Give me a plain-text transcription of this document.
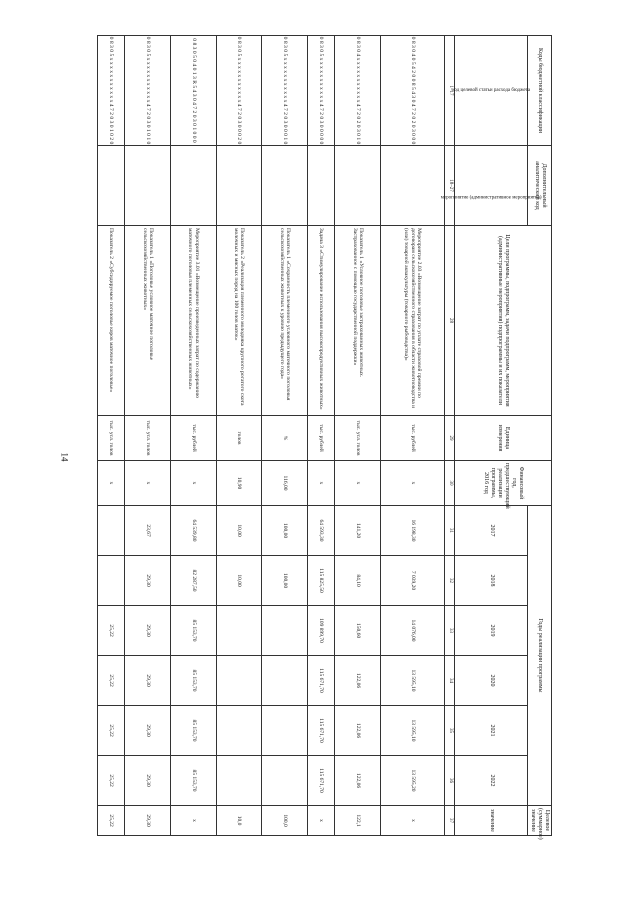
14
Коды бюджетной классификации	Дополнительный аналитический код	Цели программы, подпрограмм, задачи подпрограмм, мероприятия (административные мероприятия) подпрограммы и их показатели	Единица измерения	Финансовый год, предшествующий реализации программы, 2016 год	Годы реализации программы						Целевое (суммарное) значение
код целевой статьи расхода бюджета	мероприятие (административное мероприятие)				2017	2018	2019	2020	2021	2022	значение
1–17	18–27	28	29	30	31	32	33	34	35	36	37
0 8 3 0 4 0 5 4 2 0 0 8 5 4 3 0 4 7 2 0 2 0 3 0 0 0		Мероприятие 2.03 «Возмещение затрат по уплате страховой премии по договорам сельскохозяйственного страхования в области животноводства и (или) товарной аквакультуры (товарного рыбоводства)»	тыс. рублей	х	16 198,30	7 039,20	14 076,00	13 595,10	13 595,10	13 595,20	х
0 8 3 0 4 х х х х х х х х х х х 4 7 2 0 2 0 3 0 1 0		Показатель 1 «Условное поголовье застрахованных животных. Застрахованное с помощью государственной поддержки»	тыс. усл. голов	х	141,20	84,10	150,60	122,06	122,06	122,06	122,1
0 8 3 0 5 х х х х х х х х х х х 4 7 2 0 3 0 0 0 0 0		Задача 3 «Стимулирование использования высокопродуктивных животных»	тыс. рублей	х	64 593,30	115 825,50	109 899,70	115 671,70	115 671,70	115 671,70	х
0 8 3 0 5 х х х х х х х х х х х 4 7 2 0 3 0 0 0 1 0		Показатель 1 «Сохранность племенного условного маточного поголовья сельскохозяйственных животных к уровню предыдущего года»	%	116,00	100,00	100,00					100,0
0 8 3 0 5 х х х х х х х х х х х 4 7 2 0 3 0 0 0 2 0		Показатель 2 «Реализация племенного молодняка крупного рогатого скота молочных и мясных пород на 100 голов маток»	голов	10,90	10,00	10,00					10,0
0 8 3 0 5 0 4 0 1 3 R 5 4 3 0 4 7 2 0 3 0 1 0 0 0		Мероприятие 3.01 «Возмещение произведенных затрат по содержанию маточного поголовья племенных сельскохозяйственных животных»	тыс. рублей	х	64 539,80	82 287,50	85 153,70	85 153,70	85 153,70	85 153,70	х
0 8 3 0 5 х х х х х х х х х х х 4 7 2 0 3 0 1 0 1 0		Показатель 1 «Поголовье условное маточное поголовье сельскохозяйственных животных»	тыс. усл. голов	х	23,67	29,30	29,30	29,30	29,30	29,30	29,30
0 8 3 0 5 х х х х х х х х х х х 4 7 2 0 3 0 1 0 2 0		Показатель 2 «Субсидируемое поголовье коров маточное поголовье»	тыс. усл. голов	х			25,22	25,22	25,22	25,22	25,22
